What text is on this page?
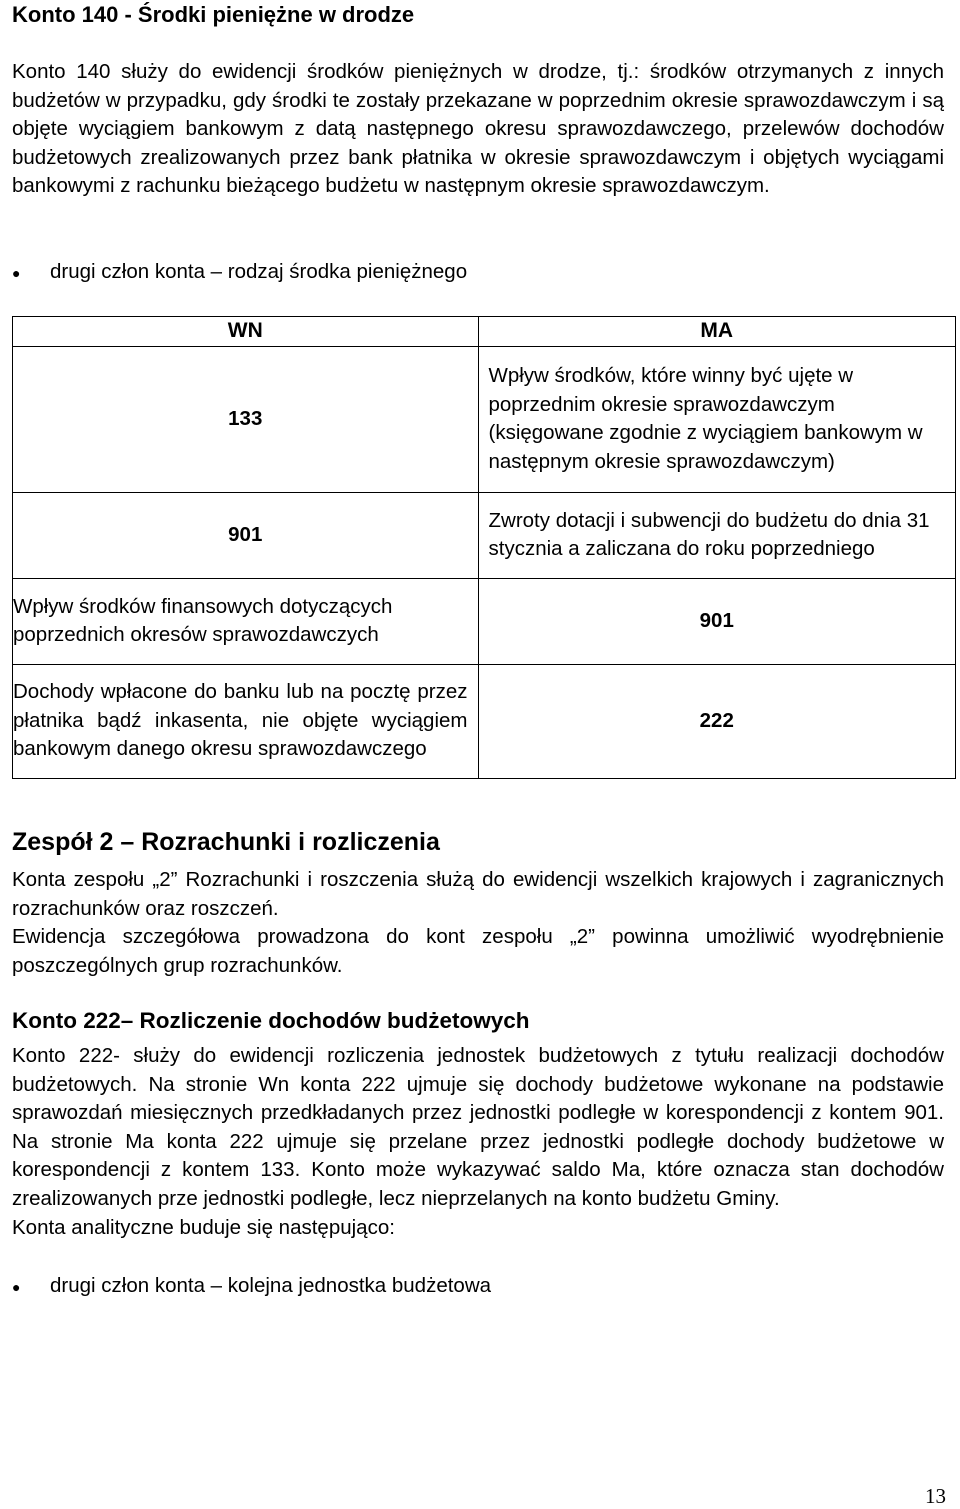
Konto 140 - Środki pieniężne w drodze

Konto 140 służy do ewidencji środków pieniężnych w drodze, tj.: środków otrzymanych z innych budżetów w przypadku, gdy środki te zostały przekazane w poprzednim okresie sprawozdawczym i są objęte wyciągiem bankowym z datą następnego okresu sprawozdawczego, przelewów dochodów budżetowych zrealizowanych przez bank płatnika w okresie sprawozdawczym i objętych wyciągami bankowymi z rachunku bieżącego budżetu w następnym okresie sprawozdawczym.

●	drugi człon konta – rodzaj środka pieniężnego
WN	MA
133	Wpływ środków, które winny być ujęte w poprzednim okresie sprawozdawczym (księgowane zgodnie z wyciągiem bankowym w następnym okresie sprawozdawczym)
901	Zwroty dotacji i subwencji do budżetu do dnia 31 stycznia a zaliczana do roku poprzedniego
Wpływ środków finansowych dotyczących poprzednich okresów sprawozdawczych	901
Dochody wpłacone do banku lub na pocztę przez płatnika bądź inkasenta, nie objęte wyciągiem bankowym danego okresu sprawozdawczego	222
Zespół 2 – Rozrachunki i rozliczenia

Konta zespołu „2” Rozrachunki i roszczenia służą do ewidencji wszelkich krajowych i zagranicznych rozrachunków oraz roszczeń.

Ewidencja szczegółowa prowadzona do kont zespołu „2” powinna umożliwić wyodrębnienie poszczególnych grup rozrachunków.

Konto 222– Rozliczenie dochodów budżetowych

Konto 222- służy do ewidencji rozliczenia jednostek budżetowych z tytułu realizacji dochodów budżetowych. Na stronie Wn konta 222 ujmuje się dochody budżetowe wykonane na podstawie sprawozdań miesięcznych przedkładanych przez jednostki podległe w korespondencji z kontem 901. Na stronie Ma konta 222 ujmuje się przelane przez jednostki podległe dochody budżetowe w korespondencji z kontem 133. Konto może wykazywać saldo Ma, które oznacza stan dochodów zrealizowanych prze jednostki podległe, lecz nieprzelanych na konto budżetu Gminy.

Konta analityczne buduje się następująco:

●	drugi człon konta – kolejna jednostka budżetowa
13
